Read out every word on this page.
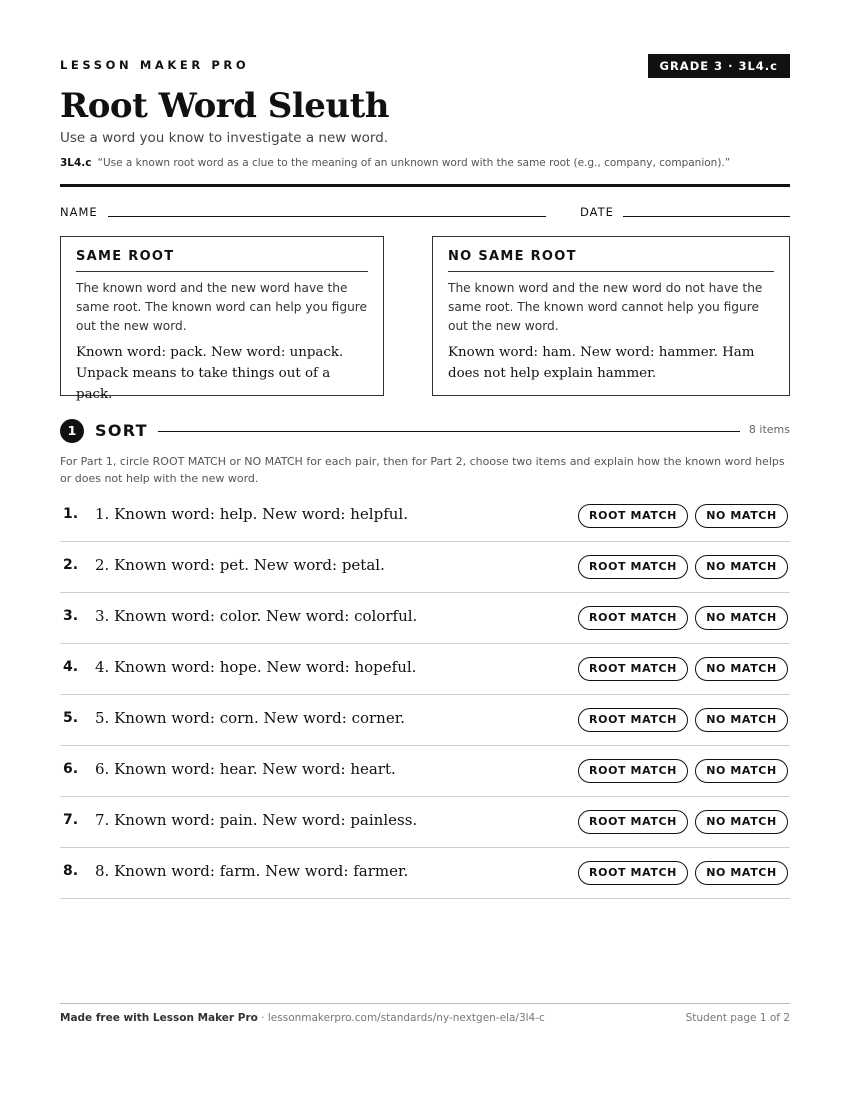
LESSON MAKER PRO	GRADE 3 · 3L4.c
Root Word Sleuth
Use a word you know to investigate a new word.
3L4.c “Use a known root word as a clue to the meaning of an unknown word with the same root (e.g., company, companion).”
NAME	DATE
SAME ROOT
The known word and the new word have the same root. The known word can help you figure out the new word.
Known word: pack. New word: unpack. Unpack means to take things out of a pack.
NO SAME ROOT
The known word and the new word do not have the same root. The known word cannot help you figure out the new word.
Known word: ham. New word: hammer. Ham does not help explain hammer.
1	SORT	8 items
For Part 1, circle ROOT MATCH or NO MATCH for each pair, then for Part 2, choose two items and explain how the known word helps or does not help with the new word.
1. 1. Known word: help. New word: helpful.	ROOT MATCH	NO MATCH
2. 2. Known word: pet. New word: petal.	ROOT MATCH	NO MATCH
3. 3. Known word: color. New word: colorful.	ROOT MATCH	NO MATCH
4. 4. Known word: hope. New word: hopeful.	ROOT MATCH	NO MATCH
5. 5. Known word: corn. New word: corner.	ROOT MATCH	NO MATCH
6. 6. Known word: hear. New word: heart.	ROOT MATCH	NO MATCH
7. 7. Known word: pain. New word: painless.	ROOT MATCH	NO MATCH
8. 8. Known word: farm. New word: farmer.	ROOT MATCH	NO MATCH
Made free with Lesson Maker Pro · lessonmakerpro.com/standards/ny-nextgen-ela/3l4-c	Student page 1 of 2
